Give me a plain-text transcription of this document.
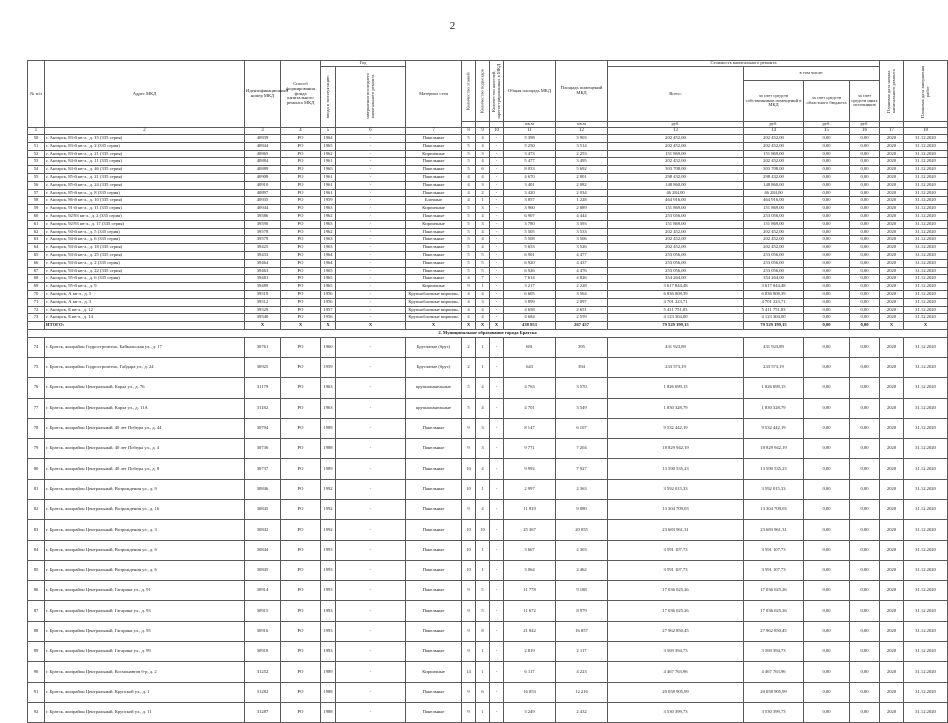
2
№ п/п	Адрес МКД	Идентификационный номер МКД	Способ формирования фонда капитального ремонта МКД	Год		Материал стен	Количество этажей	Количество подъездов	Количество жителей, зарегистрированных в МКД	Общая площадь МКД	Площадь помещений МКД	Стоимость капитального ремонта				Плановая дата начала капитального ремонта	Плановая дата завершения работ
				ввода в эксплуатацию	завершения последнего капитального ремонта							Всего:	в том числе:				
													за счет средств собственников помещений в МКД	за счет средств областного бюджета	за счет средств иных источников		
										кв.м	кв.м	руб.	руб.	руб.	руб.		
1	2	3	4	5	6	7	8	9	10	11	12	13	14	15	16	17	18
50	г. Ангарск, 83-й кв-л., д. 15 (335 серия)	40839	РО	1964	-	Панельные	5	4	-	5 398	3 903	202 452,00	202 452,00	0,00	0,00	2020	31.12.2020
51	г. Ангарск, 83-й кв-л., д. 2 (335 серия)	40844	РО	1965	-	Панельные	5	4	-	5 250	3 514	202 452,00	202 452,00	0,00	0,00	2020	31.12.2020
52	г. Ангарск, 83-й кв-л., д. 21 (335 серия)	40865	РО	1962	-	Кирпичные	5	3	-	3 473	2 253	151 869,00	151 869,00	0,00	0,00	2020	31.12.2020
53	г. Ангарск, 84-й кв-л., д. 11 (335 серия)	40884	РО	1961	-	Панельные	5	4	-	5 477	3 495	202 452,00	202 452,00	0,00	0,00	2020	31.12.2020
54	г. Ангарск, 84-й кв-л., д. 46 (335 серия)	40889	РО	1965	-	Панельные	5	6	-	8 033	5 692	303 708,00	303 708,00	0,00	0,00	2020	31.12.2020
55	г. Ангарск, 85-й кв-л., д. 21 (335 серия)	40908	РО	1961	-	Панельные	4	4	-	4 670	2 801	298 432,00	298 432,00	0,00	0,00	2020	31.12.2020
56	г. Ангарск, 85-й кв-л., д. 24 (335 серия)	40910	РО	1961	-	Панельные	4	3	-	3 401	2 082	148 860,00	148 860,00	0,00	0,00	2020	31.12.2020
57	г. Ангарск, 85-й кв-л., д. 8 (335 серия)	40897	РО	1961	-	Панельные	4	2	-	3 420	2 034	46 284,00	46 284,00	0,00	0,00	2020	31.12.2020
58	г. Ангарск, 86-й кв-л., д. 10 (335 серия)	40935	РО	1959	-	Блочные	4	1	-	3 857	1 228	464 916,00	464 916,00	0,00	0,00	2020	31.12.2020
59	г. Ангарск, 91-й кв-л., д. 11 (335 серия)	40944	РО	1963	-	Кирпичные	5	3	-	3 960	2 889	151 869,00	151 869,00	0,00	0,00	2020	31.12.2020
60	г. Ангарск, 92/93 кв-л., д. 2 (335 серия)	39586	РО	1962	-	Панельные	5	4	-	6 907	4 444	253 056,00	253 056,00	0,00	0,00	2020	31.12.2020
61	г. Ангарск, 92/93 кв-л., д. 17 (335 серия)	39590	РО	1963	-	Кирпичные	5	3	-	3 780	3 393	151 869,00	151 869,00	0,00	0,00	2020	31.12.2020
62	г. Ангарск, 94-й кв-л., д. 5 (335 серия)	39578	РО	1962	-	Панельные	5	4	-	5 505	3 533	202 452,00	202 452,00	0,00	0,00	2020	31.12.2020
63	г. Ангарск, 94-й кв-л., д. 6 (335 серия)	39579	РО	1963	-	Панельные	5	4	-	5 508	3 506	202 452,00	202 452,00	0,00	0,00	2020	31.12.2020
64	г. Ангарск, 94-й кв-л., д. 18 (335 серия)	39425	РО	1963	-	Панельные	5	4	-	5 653	3 526	202 452,00	202 452,00	0,00	0,00	2020	31.12.2020
65	г. Ангарск, 94-й кв-л., д. 25 (335 серия)	39433	РО	1964	-	Панельные	5	5	-	6 901	4 477	253 056,00	253 056,00	0,00	0,00	2020	31.12.2020
66	г. Ангарск, 94-й кв-л., д. 2 (335 серия)	39464	РО	1964	-	Панельные	5	5	-	6 920	4 437	253 056,00	253 056,00	0,00	0,00	2020	31.12.2020
67	г. Ангарск, 94-й кв-л., д. 22 (335 серия)	39463	РО	1965	-	Панельные	5	5	-	6 926	4 476	253 056,00	253 056,00	0,00	0,00	2020	31.12.2020
68	г. Ангарск, 95-й кв-л., д. 6 (335 серия)	39481	РО	1965	-	Панельные	4	7	-	7 614	4 826	354 264,00	354 264,00	0,00	0,00	2020	31.12.2020
69	г. Ангарск, 95-й кв-л., д. 9	39489	РО	1965	-	Кирпичные	9	1	-	3 217	2 228	3 617 844,48	3 617 844,48	0,00	0,00	2020	31.12.2020
70	г. Ангарск, А кв-л., д. 5	39519	РО	1956	-	Крупноблочные кирпичн.	4	4	-	6 605	3 564	6 836 808,39	6 836 808,39	0,00	0,00	2020	31.12.2020
71	г. Ангарск, А кв-л., д. 3	39512	РО	1956	-	Крупноблочные кирпичн.	4	3	-	3 899	2 097	4 701 223,71	4 701 223,71	0,00	0,00	2020	31.12.2020
72	г. Ангарск, Б кв-л., д. 12	39529	РО	1957	-	Крупноблочные кирпичн.	4	4	-	4 658	2 651	5 411 751,83	5 411 751,83	0,00	0,00	2020	31.12.2020
73	г. Ангарск, Б кв-л., д. 14	39540	РО	1956	-	Крупноблочные кирпичн.	4	4	-	4 684	2 559	4 123 304,00	4 123 304,00	0,00	0,00	2020	31.12.2020
	ИТОГО:	X	X	X	X	X	X	X	X	438 853	267 457	79 529 199,15	79 529 199,15	0,00	0,00	X	X
2. Муниципальное образование города Братска																	
74	г. Братск, жилрайон Гидростроитель, Байкальская ул., д. 17	30761	РО	1960	-	Брусчатые (брус)	2	1	-	681	395	431 923,89	431 923,89	0,00	0,00	2020	31.12.2020
75	г. Братск, жилрайон Гидростроитель, Гайдара ул., д. 24	30925	РО	1959	-	Брусчатые (брус)	2	1	-	643	394	233 573,19	233 573,19	0,00	0,00	2020	31.12.2020
76	г. Братск, жилрайон Центральный, Карла ул., д. 76	31179	РО	1963	-	крупнопанельные	5	4	-	4 763	3 570	1 826 699,15	1 826 699,15	0,00	0,00	2020	31.12.2020
77	г. Братск, жилрайон Центральный, Карла ул., д. 11А	31182	РО	1963	-	крупнопанельные	5	4	-	4 701	3 549	1 830 328,79	1 830 328,79	0,00	0,00	2020	31.12.2020
78	г. Братск, жилрайон Центральный, 40 лет Победы ул., д. 44	30794	РО	1989	-	Панельные	9	3	-	8 147	6 107	9 532 442,19	9 532 442,19	0,00	0,00	2020	31.12.2020
79	г. Братск, жилрайон Центральный, 40 лет Победы ул., д. 4	30736	РО	1988	-	Панельные	9	3	-	9 771	7 204	18 829 942,19	18 829 942,19	0,00	0,00	2020	31.12.2020
80	г. Братск, жилрайон Центральный, 40 лет Победы ул., д. 8	30737	РО	1989	-	Панельные	10	4	-	9 992	7 927	13 590 535,23	13 590 535,23	0,00	0,00	2020	31.12.2020
81	г. Братск, жилрайон Центральный, Возрождения ул., д. 9	30846	РО	1992	-	Панельные	10	1	-	2 997	2 363	3 592 015,33	3 592 015,33	0,00	0,00	2020	31.12.2020
82	г. Братск, жилрайон Центральный, Возрождения ул., д. 16	30845	РО	1992	-	Панельные	9	4	-	11 819	9 080	13 304 709,03	13 304 709,03	0,00	0,00	2020	31.12.2020
83	г. Братск, жилрайон Центральный, Возрождения ул., д. 3	30842	РО	1992	-	Панельные	10	10	-	25 367	20 055	23 683 961,31	23 683 961,31	0,00	0,00	2020	31.12.2020
84	г. Братск, жилрайон Центральный, Возрождения ул., д. 6	30844	РО	1993	-	Панельные	10	1	-	3 667	2 303	3 591 107,73	3 591 107,73	0,00	0,00	2020	31.12.2020
85	г. Братск, жилрайон Центральный, Возрождения ул., д. 6	30845	РО	1993	-	Панельные	10	1	-	3 064	2 462	3 591 107,73	3 591 107,73	0,00	0,00	2020	31.12.2020
86	г. Братск, жилрайон Центральный, Гагарина ул., д. 91	30914	РО	1993	-	Панельные	9	5	-	11 778	9 188	17 036 025,26	17 036 025,26	0,00	0,00	2020	31.12.2020
87	г. Братск, жилрайон Центральный, Гагарина ул., д. 93	30915	РО	1993	-	Панельные	9	5	-	11 672	8 979	17 036 025,26	17 036 025,26	0,00	0,00	2020	31.12.2020
88	г. Братск, жилрайон Центральный, Гагарина ул., д. 95	30916	РО	1993	-	Панельные	9	8	-	21 842	16 857	27 962 850,45	27 962 850,45	0,00	0,00	2020	31.12.2020
89	г. Братск, жилрайон Центральный, Гагарина ул., д. 99	30918	РО	1993	-	Панельные	9	1	-	2 819	2 117	3 569 394,73	3 569 394,73	0,00	0,00	2020	31.12.2020
90	г. Братск, жилрайон Центральный, Космонавтов б-р, д. 2	31252	РО	1989	-	Кирпичные	14	1	-	6 117	4 223	4 467 763,96	4 467 763,96	0,00	0,00	2020	31.12.2020
91	г. Братск, жилрайон Центральный, Крупской ул., д. 1	31282	РО	1988	-	Панельные	9	6	-	16 053	12 216	20 058 905,99	20 058 905,99	0,00	0,00	2020	31.12.2020
92	г. Братск, жилрайон Центральный, Крупской ул., д. 11	31287	РО	1988	-	Панельные	9	1	-	3 249	2 432	3 530 399,73	3 530 399,73	0,00	0,00	2020	31.12.2020
